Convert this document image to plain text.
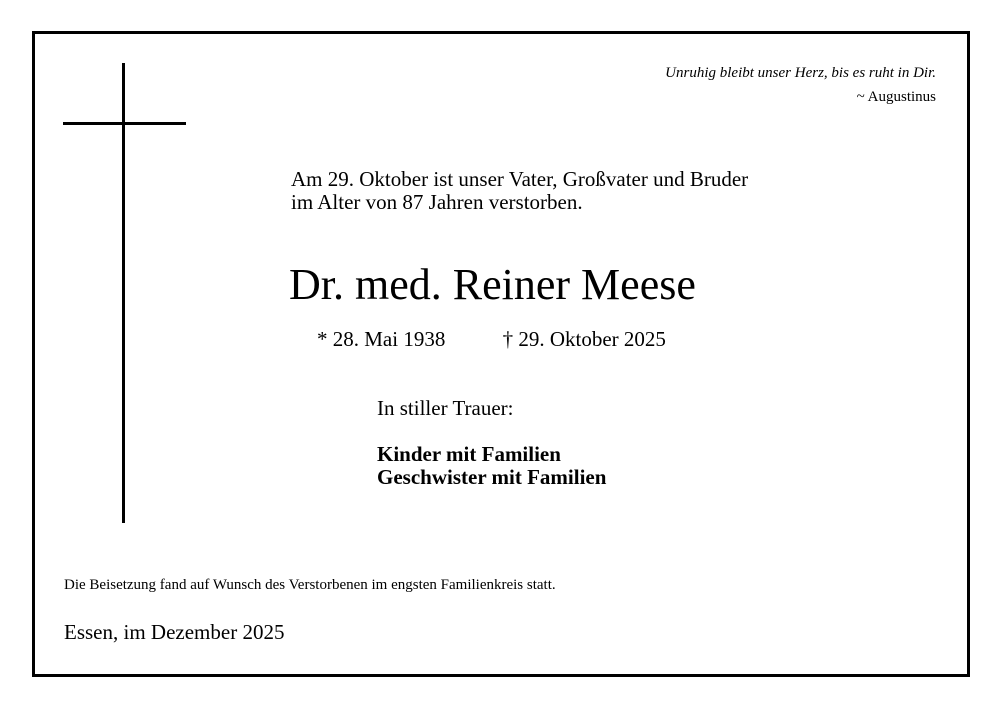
Unruhig bleibt unser Herz, bis es ruht in Dir.
~ Augustinus
Am 29. Oktober ist unser Vater, Großvater und Bruder
im Alter von 87 Jahren verstorben.
Dr. med. Reiner Meese
* 28. Mai 1938	† 29. Oktober 2025
In stiller Trauer:
Kinder mit Familien
Geschwister mit Familien
Die Beisetzung fand auf Wunsch des Verstorbenen im engsten Familienkreis statt.
Essen, im Dezember 2025
